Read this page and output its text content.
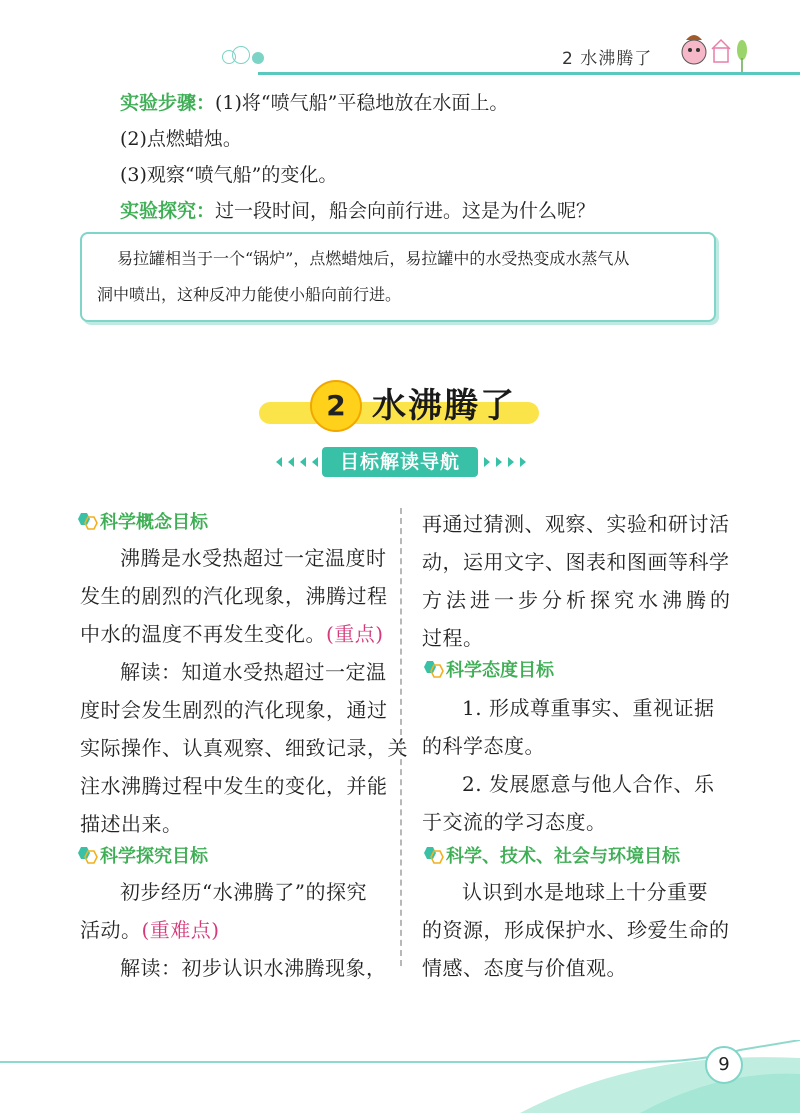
2 水沸腾了
实验步骤：(1)将“喷气船”平稳地放在水面上。
(2)点燃蜡烛。
(3)观察“喷气船”的变化。
实验探究：过一段时间，船会向前行进。这是为什么呢？
易拉罐相当于一个“锅炉”，点燃蜡烛后，易拉罐中的水受热变成水蒸气从
洞中喷出，这种反冲力能使小船向前行进。
2 水沸腾了
目标解读导航
科学概念目标
沸腾是水受热超过一定温度时
发生的剧烈的汽化现象，沸腾过程
中水的温度不再发生变化。(重点)
解读：知道水受热超过一定温
度时会发生剧烈的汽化现象，通过
实际操作、认真观察、细致记录，关
注水沸腾过程中发生的变化，并能
描述出来。
科学探究目标
初步经历“水沸腾了”的探究
活动。(重难点)
解读：初步认识水沸腾现象，
再通过猜测、观察、实验和研讨活
动，运用文字、图表和图画等科学
方法进一步分析探究水沸腾的
过程。
科学态度目标
1. 形成尊重事实、重视证据
的科学态度。
2. 发展愿意与他人合作、乐
于交流的学习态度。
科学、技术、社会与环境目标
认识到水是地球上十分重要
的资源，形成保护水、珍爱生命的
情感、态度与价值观。
9
